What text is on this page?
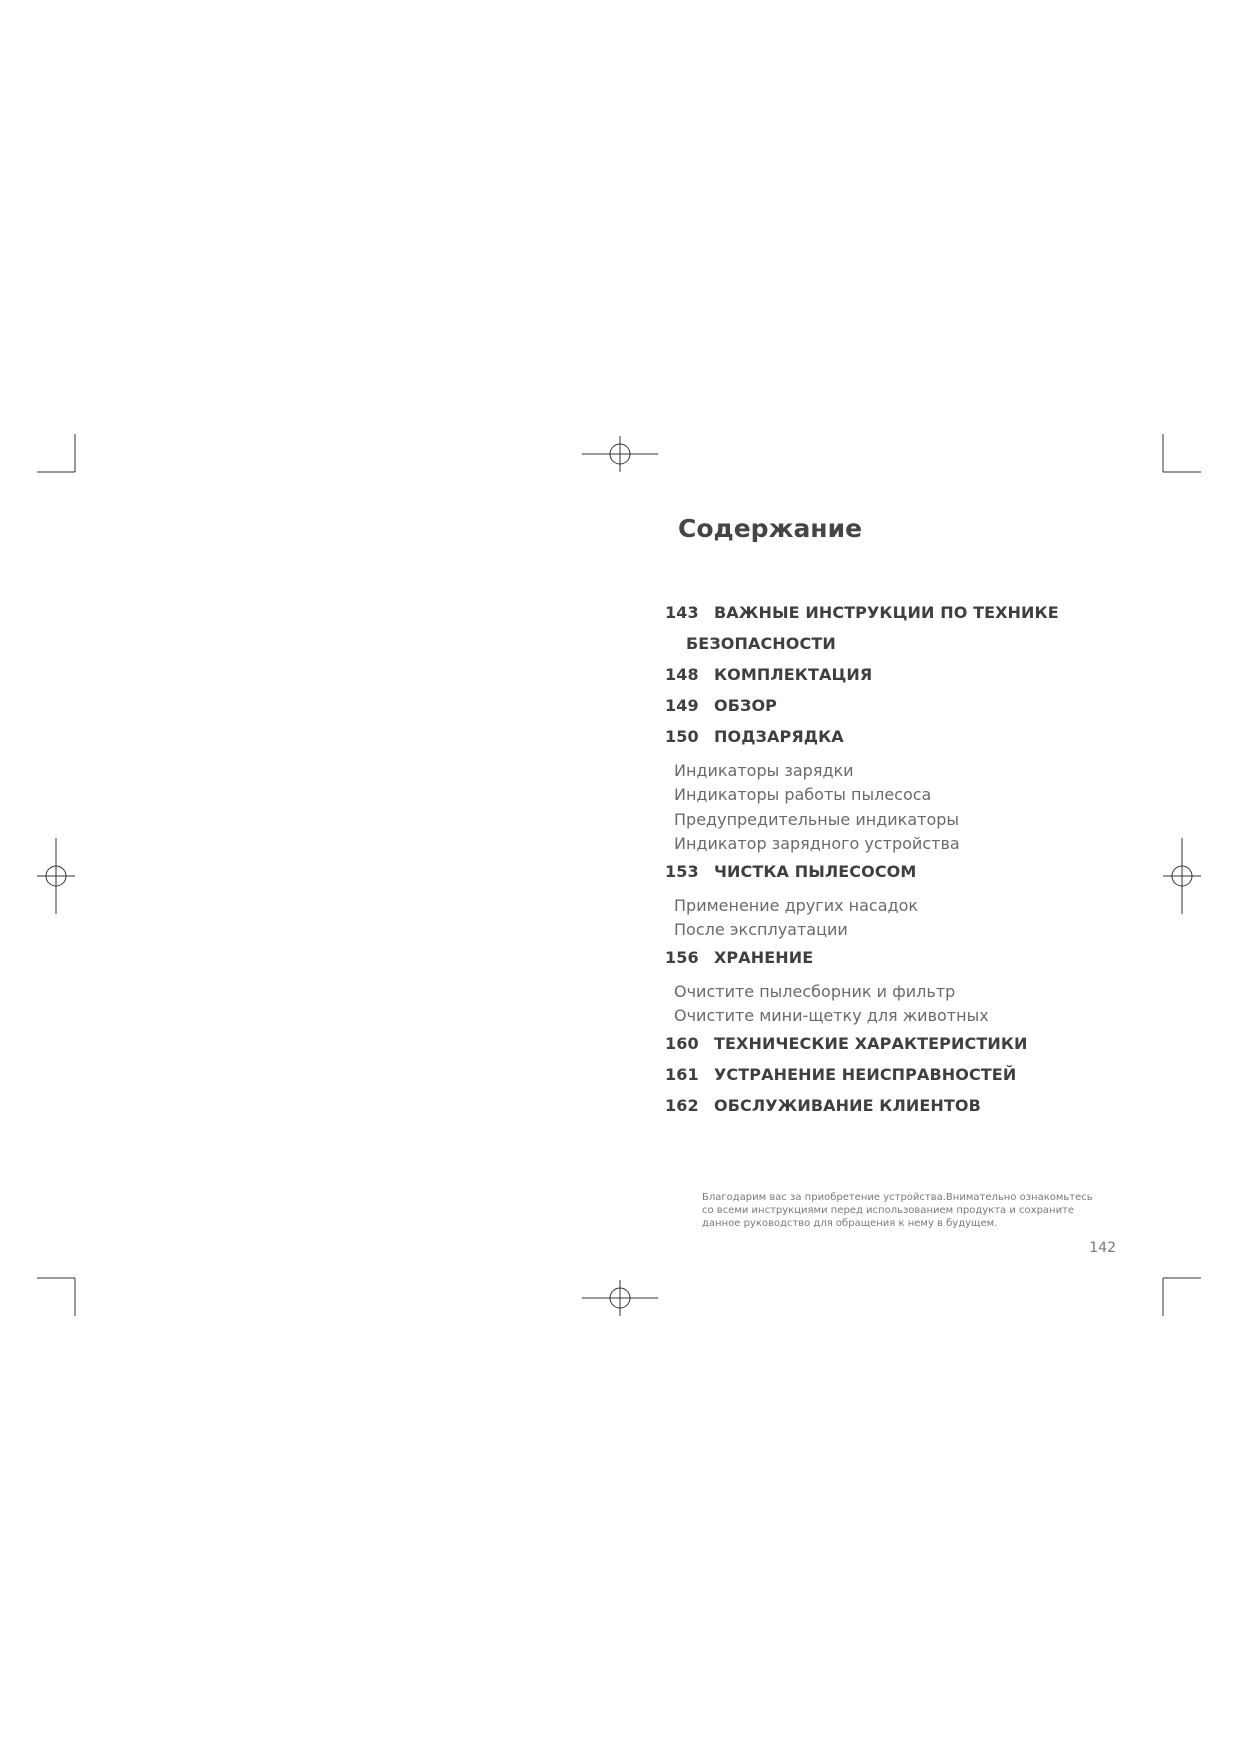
Содержание
143 ВАЖНЫЕ ИНСТРУКЦИИ ПО ТЕХНИКЕ
БЕЗОПАСНОСТИ
148 КОМПЛЕКТАЦИЯ
149 ОБЗОР
150 ПОДЗАРЯДКА
Индикаторы зарядки
Индикаторы работы пылесоса
Предупредительные индикаторы
Индикатор зарядного устройства
153 ЧИСТКА ПЫЛЕСОСОМ
Применение других насадок
После эксплуатации
156 ХРАНЕНИЕ
Очистите пылесборник и фильтр
Очистите мини-щетку для животных
160 ТЕХНИЧЕСКИЕ ХАРАКТЕРИСТИКИ
161 УСТРАНЕНИЕ НЕИСПРАВНОСТЕЙ
162 ОБСЛУЖИВАНИЕ КЛИЕНТОВ

Благодарим вас за приобретение устройства.Внимательно ознакомьтесь со всеми инструкциями перед использованием продукта и сохраните данное руководство для обращения к нему в будущем.

142
